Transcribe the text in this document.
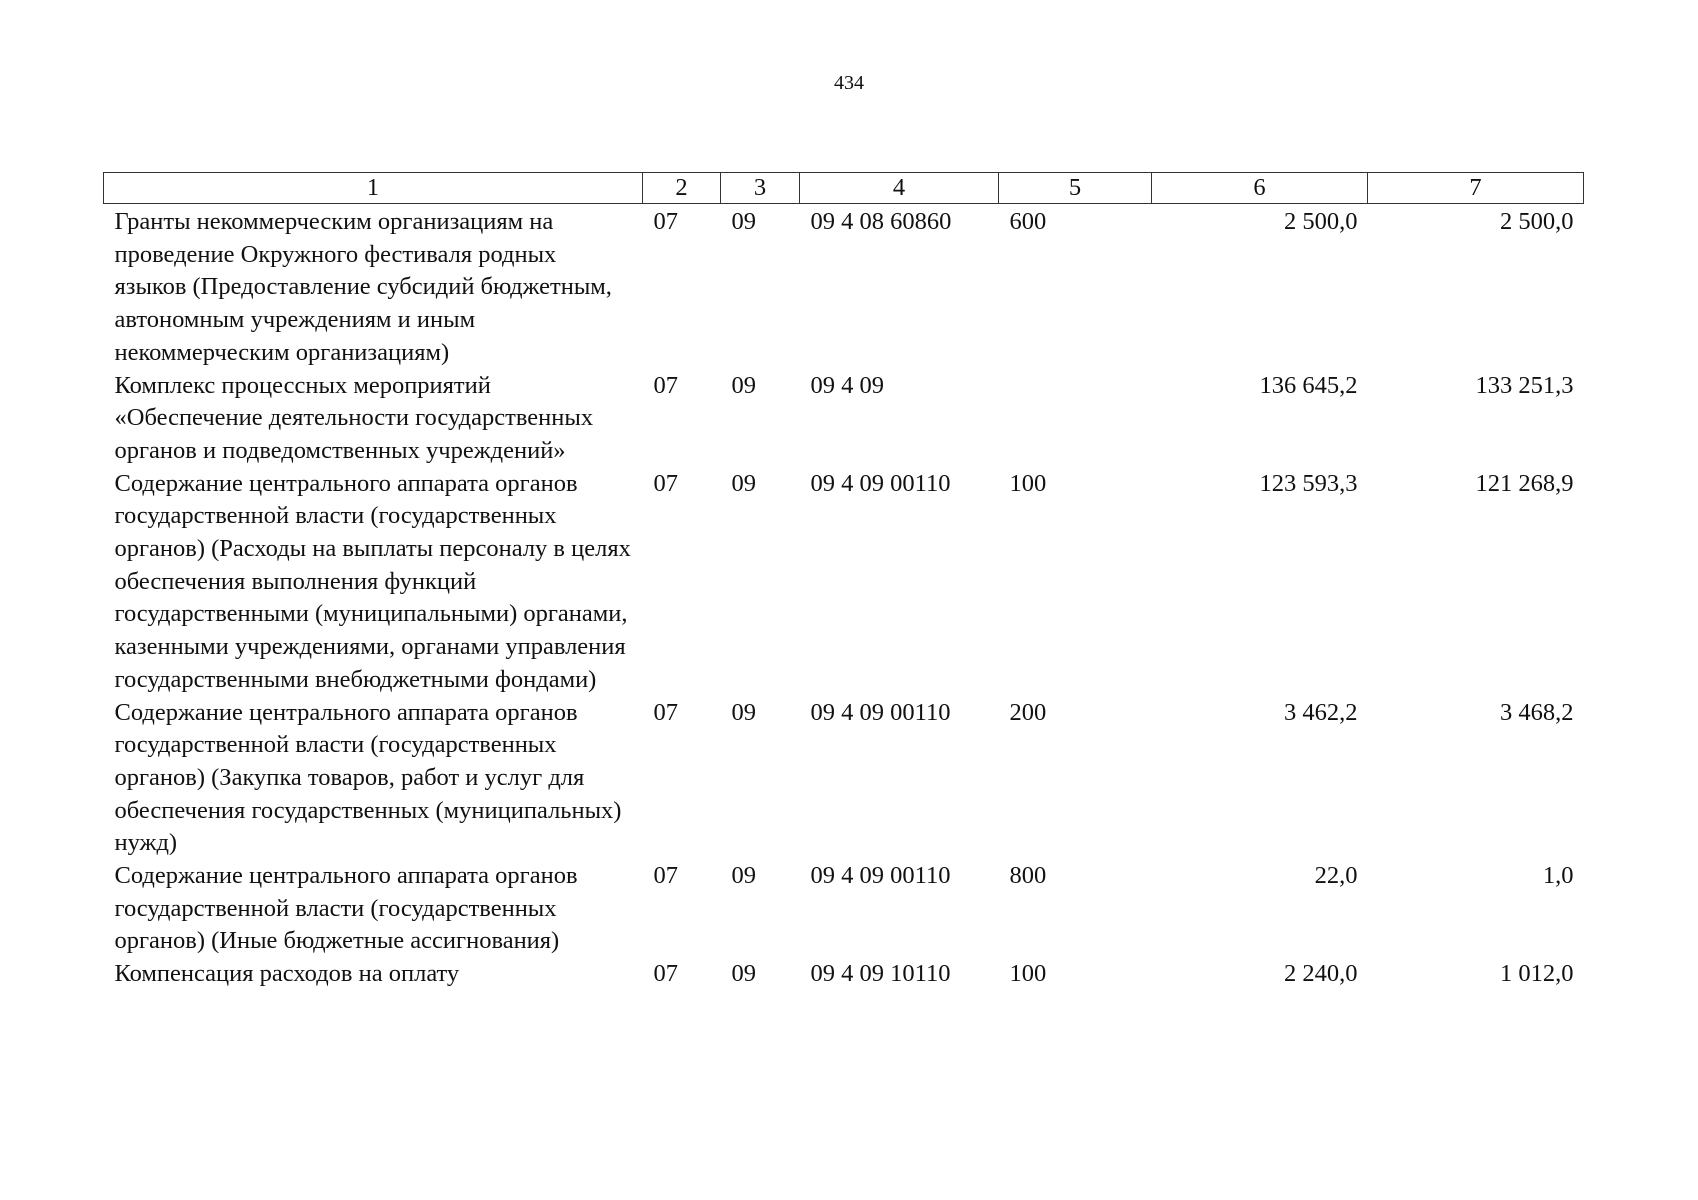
434
1	2	3	4	5	6	7
Гранты некоммерческим организациям на проведение Окружного фестиваля родных языков (Предоставление субсидий бюджетным, автономным учреждениям и иным некоммерческим организациям)	07	09	09 4 08 60860	600	2 500,0	2 500,0
Комплекс процессных мероприятий «Обеспечение деятельности государственных органов и подведомственных учреждений»	07	09	09 4 09		136 645,2	133 251,3
Содержание центрального аппарата органов государственной власти (государственных органов) (Расходы на выплаты персоналу в целях обеспечения выполнения функций государственными (муниципальными) органами, казенными учреждениями, органами управления государственными внебюджетными фондами)	07	09	09 4 09 00110	100	123 593,3	121 268,9
Содержание центрального аппарата органов государственной власти (государственных органов) (Закупка товаров, работ и услуг для обеспечения государственных (муниципальных) нужд)	07	09	09 4 09 00110	200	3 462,2	3 468,2
Содержание центрального аппарата органов государственной власти (государственных органов) (Иные бюджетные ассигнования)	07	09	09 4 09 00110	800	22,0	1,0
Компенсация расходов на оплату	07	09	09 4 09 10110	100	2 240,0	1 012,0
